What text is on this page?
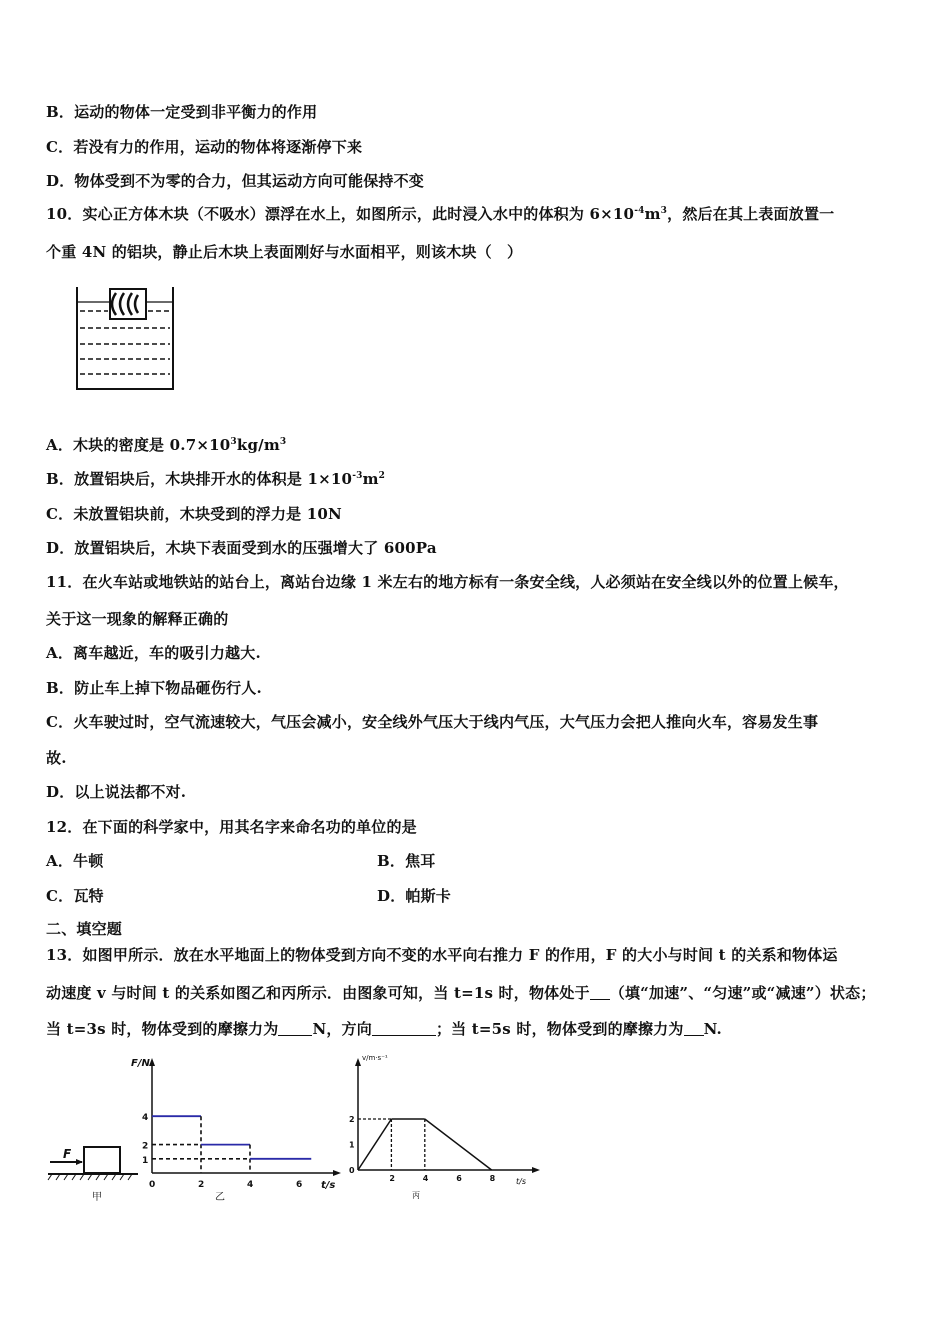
B．运动的物体一定受到非平衡力的作用
C．若没有力的作用，运动的物体将逐渐停下来
D．物体受到不为零的合力，但其运动方向可能保持不变
10．实心正方体木块（不吸水）漂浮在水上，如图所示，此时浸入水中的体积为 $6\times 10^{-4}m^3$，然后在其上表面放置一
个重 4N 的铝块，静止后木块上表面刚好与水面相平，则该木块（　）
A．木块的密度是 $0.7\times 10^3kg/m^3$
B．放置铝块后，木块排开水的体积是 $1\times 10^{-3}m^2$
C．未放置铝块前，木块受到的浮力是 10N
D．放置铝块后，木块下表面受到水的压强增大了 600Pa
11．在火车站或地铁站的站台上，离站台边缘 1 米左右的地方标有一条安全线，人必须站在安全线以外的位置上候车，
关于这一现象的解释正确的
A．离车越近，车的吸引力越大.
B．防止车上掉下物品砸伤行人.
C．火车驶过时，空气流速较大，气压会减小，安全线外气压大于线内气压，大气压力会把人推向火车，容易发生事
故.
D．以上说法都不对.
12．在下面的科学家中，用其名字来命名功的单位的是
A．牛顿	B．焦耳
C．瓦特	D．帕斯卡
二、填空题
13．如图甲所示．放在水平地面上的物体受到方向不变的水平向右推力 F 的作用，F 的大小与时间 t 的关系和物体运
动速度 v 与时间 t 的关系如图乙和丙所示．由图象可知，当 t=1s 时，物体处于 （填“加速”、“匀速”或“减速”）状态；
当 t=3s 时，物体受到的摩擦力为 N，方向	；当 t=5s 时，物体受到的摩擦力为 N.
F
甲
F/N
t/s
乙
4
2
1
0	2	4	6
v/m·s⁻¹
t/s
丙
2
1
0
2	4	6	8
